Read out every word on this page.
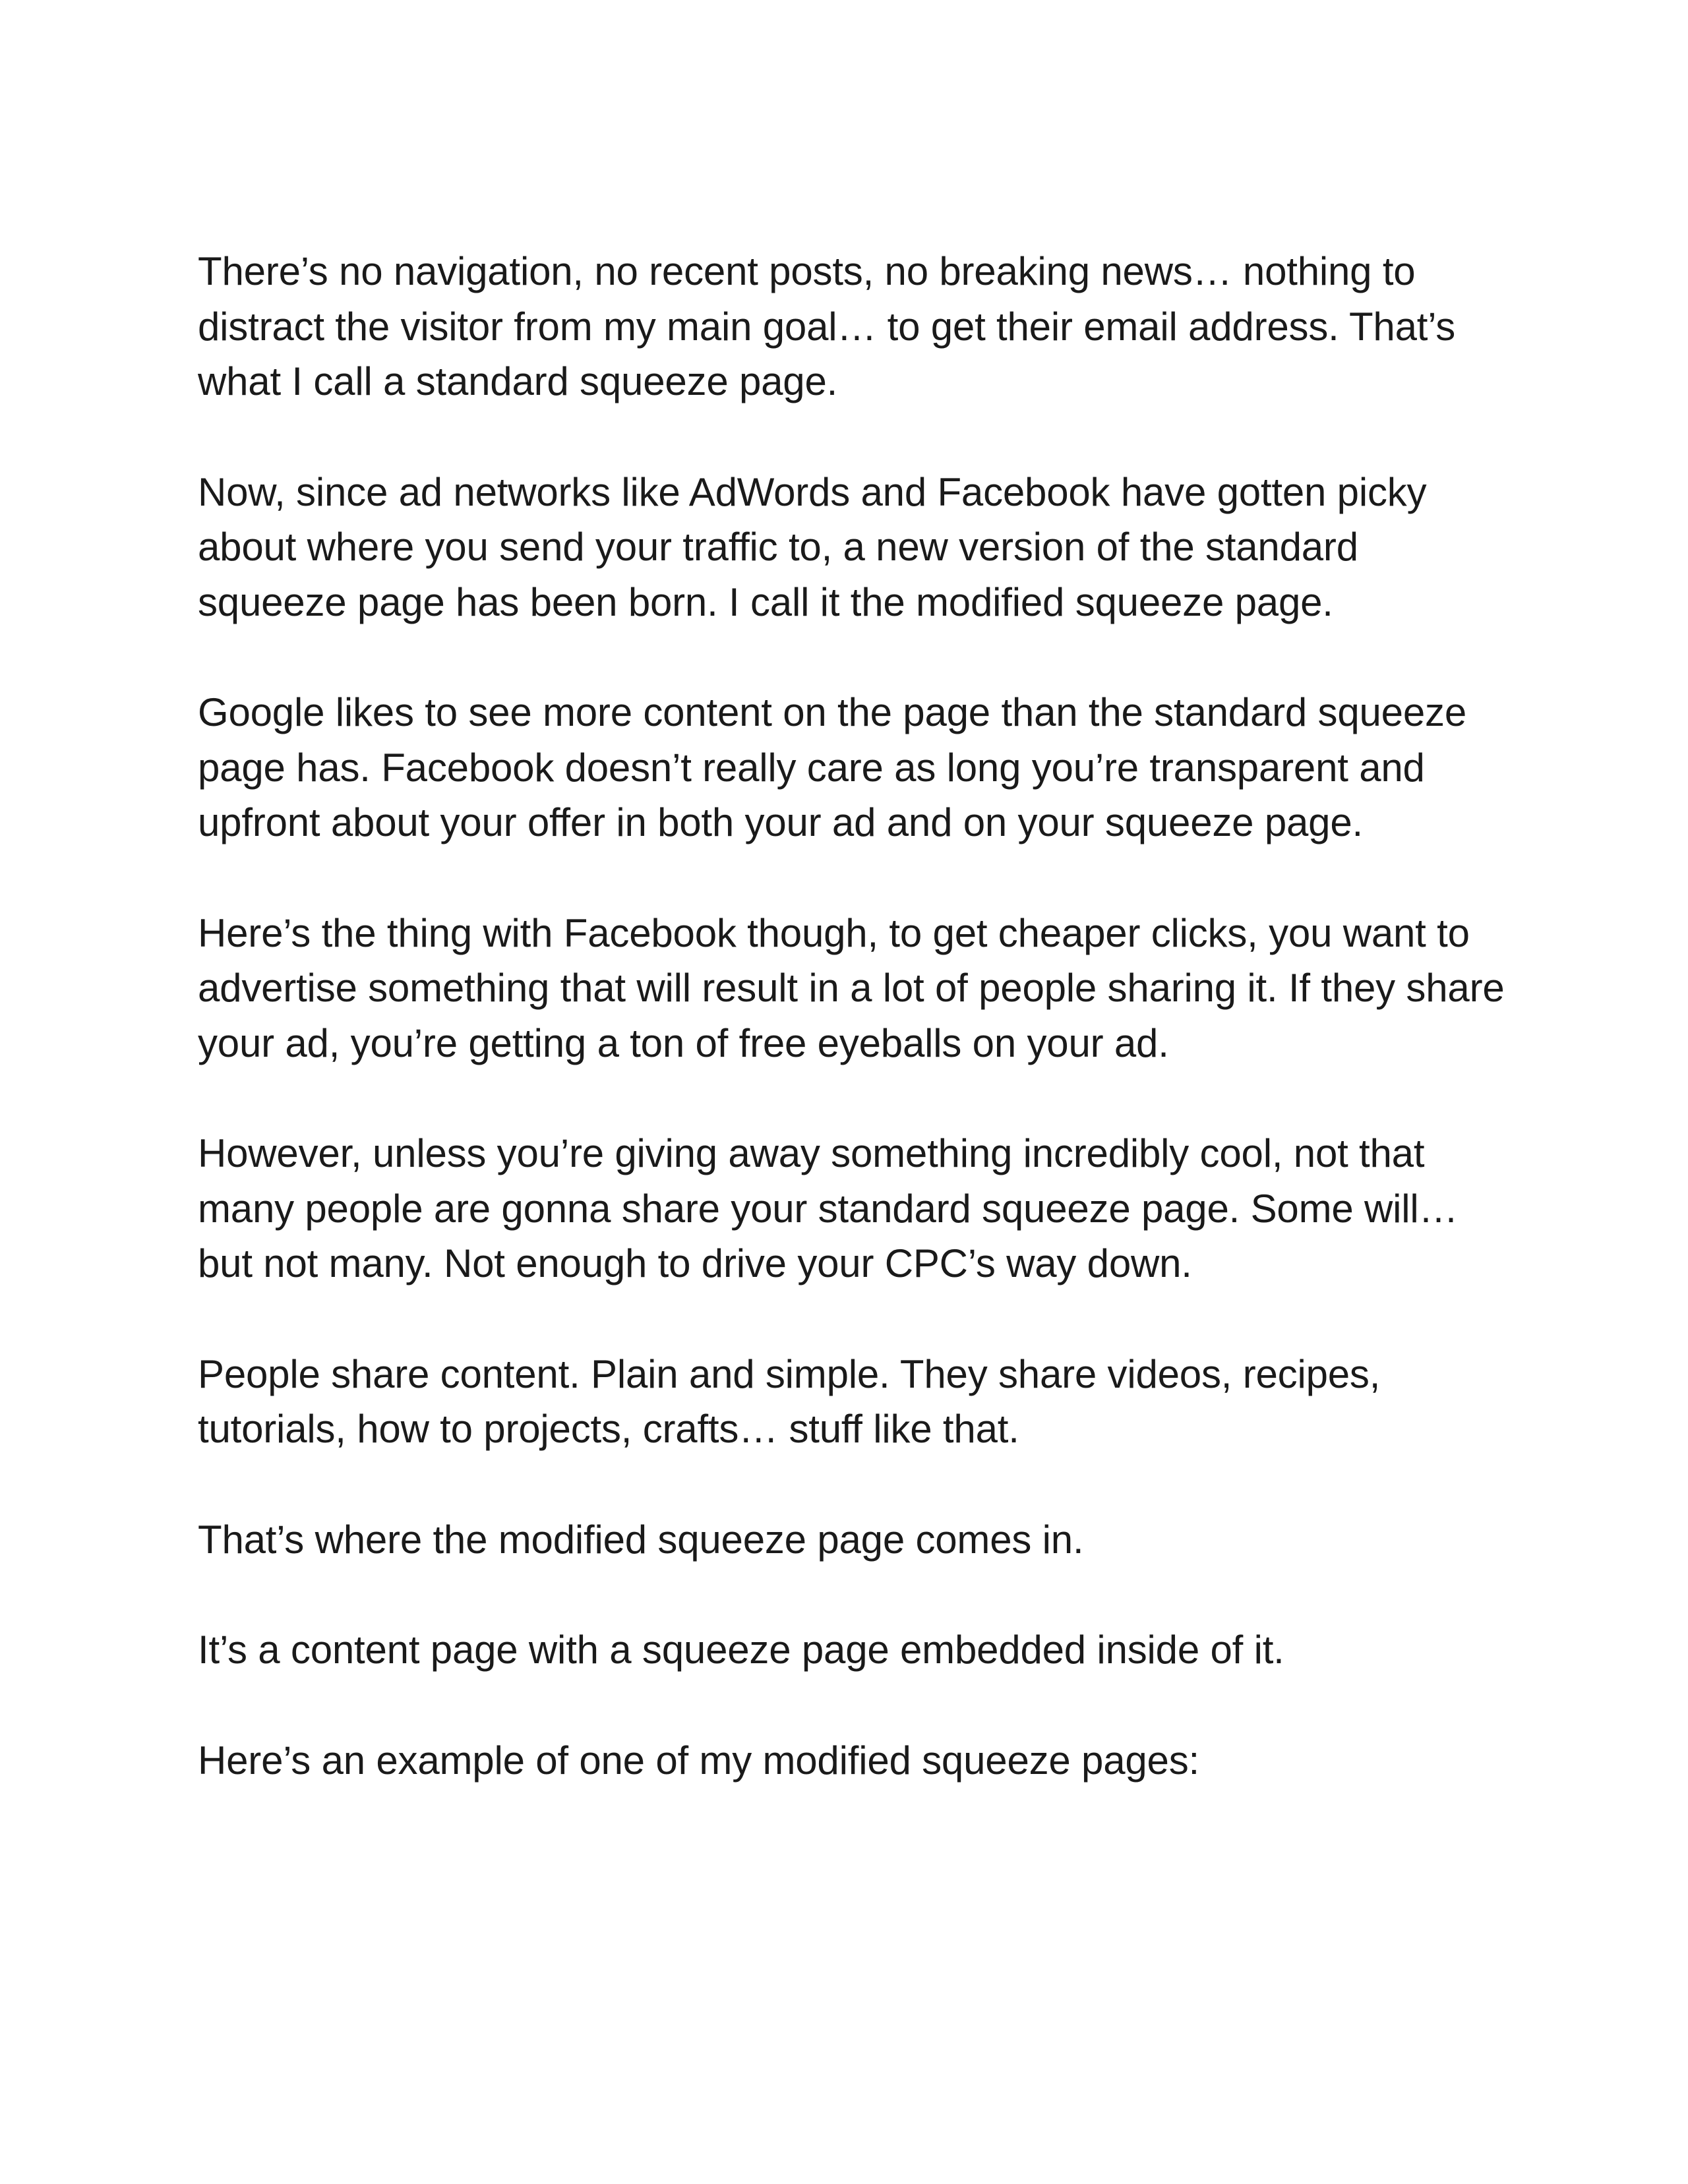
There’s no navigation, no recent posts, no breaking news… nothing to
distract the visitor from my main goal… to get their email address. That’s
what I call a standard squeeze page.

Now, since ad networks like AdWords and Facebook have gotten picky
about where you send your traffic to, a new version of the standard
squeeze page has been born. I call it the modified squeeze page.

Google likes to see more content on the page than the standard squeeze
page has. Facebook doesn’t really care as long you’re transparent and
upfront about your offer in both your ad and on your squeeze page.

Here’s the thing with Facebook though, to get cheaper clicks, you want to
advertise something that will result in a lot of people sharing it. If they share
your ad, you’re getting a ton of free eyeballs on your ad.

However, unless you’re giving away something incredibly cool, not that
many people are gonna share your standard squeeze page. Some will…
but not many. Not enough to drive your CPC’s way down.

People share content. Plain and simple. They share videos, recipes,
tutorials, how to projects, crafts… stuff like that.

That’s where the modified squeeze page comes in.

It’s a content page with a squeeze page embedded inside of it.

Here’s an example of one of my modified squeeze pages:
